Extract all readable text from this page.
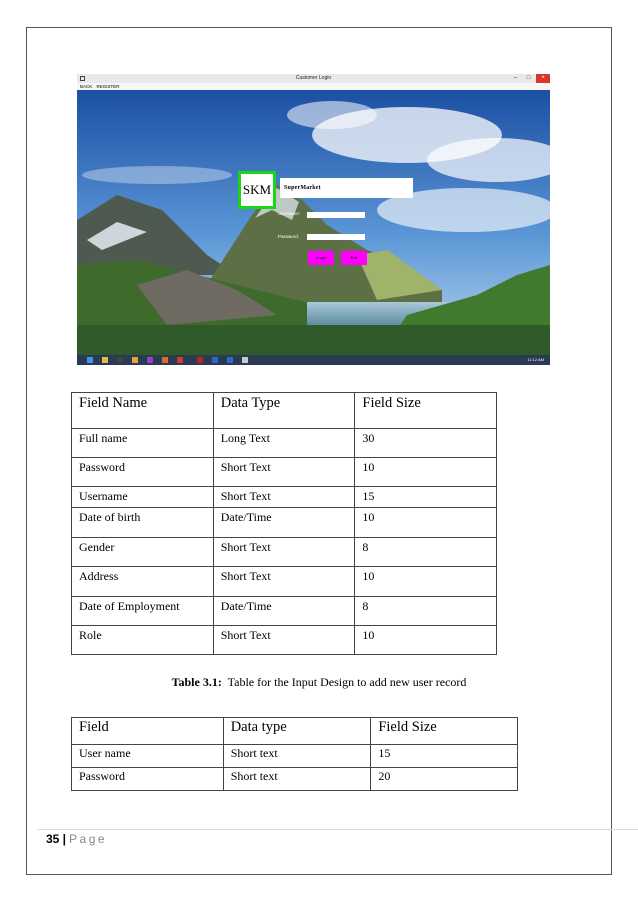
Customer Login	–	□	×
BACK REGISTER
SKM	SuperMarket
Username:
Password:
Login	Exit
11:12 AM
Field Name	Data Type	Field Size
Full name	Long Text	30
Password	Short Text	10
Username	Short Text	15
Date of birth	Date/Time	10
Gender	Short Text	8
Address	Short Text	10
Date of Employment	Date/Time	8
Role	Short Text	10
Table 3.1: Table for the Input Design to add new user record
Field	Data type	Field Size
User name	Short text	15
Password	Short text	20
35 | Page
